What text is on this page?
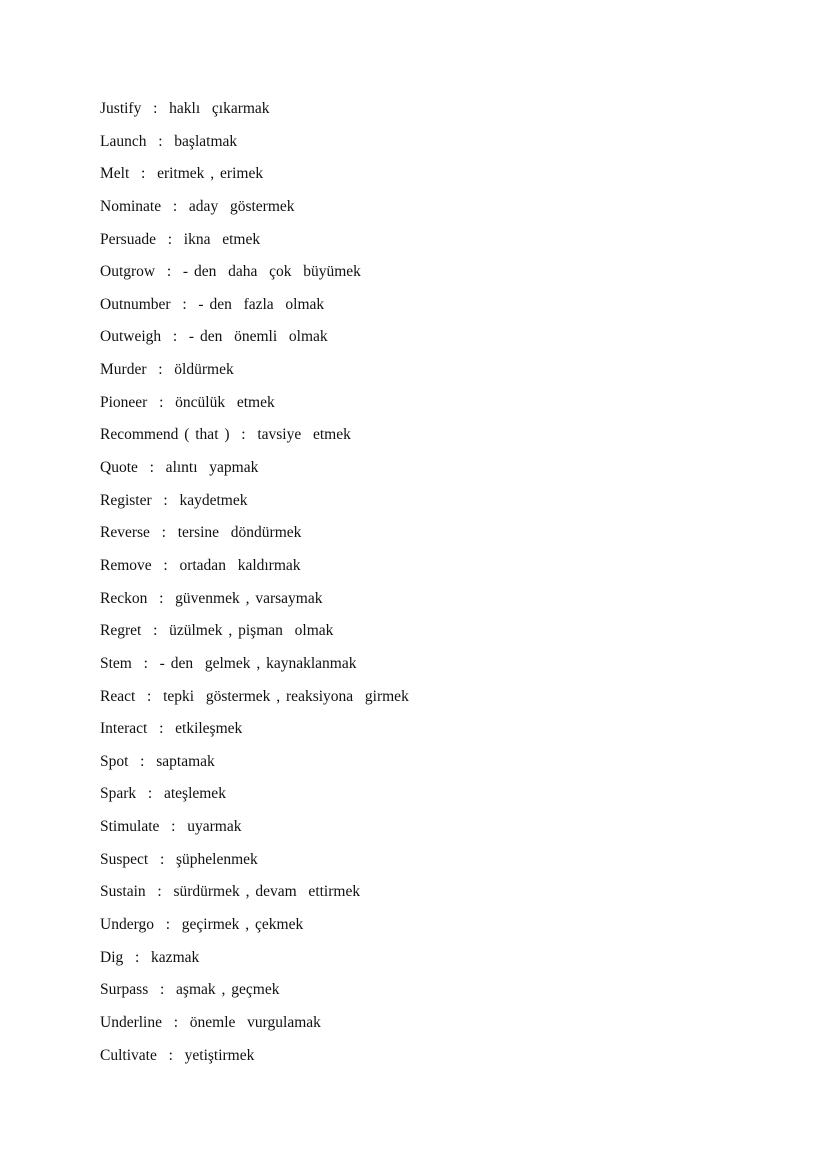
Justify  :  haklı  çıkarmak
Launch  :  başlatmak
Melt  :  eritmek , erimek
Nominate  :  aday  göstermek
Persuade  :  ikna  etmek
Outgrow  :  - den  daha  çok  büyümek
Outnumber  :  - den  fazla  olmak
Outweigh  :  - den  önemli  olmak
Murder  :  öldürmek
Pioneer  :  öncülük  etmek
Recommend ( that )  :  tavsiye  etmek
Quote  :  alıntı  yapmak
Register  :  kaydetmek
Reverse  :  tersine  döndürmek
Remove  :  ortadan  kaldırmak
Reckon  :  güvenmek , varsaymak
Regret  :  üzülmek , pişman  olmak
Stem  :  - den  gelmek , kaynaklanmak
React  :  tepki  göstermek , reaksiyona  girmek
Interact  :  etkileşmek
Spot  :  saptamak
Spark  :  ateşlemek
Stimulate  :  uyarmak
Suspect  :  şüphelenmek
Sustain  :  sürdürmek , devam  ettirmek
Undergo  :  geçirmek , çekmek
Dig  :  kazmak
Surpass  :  aşmak , geçmek
Underline  :  önemle  vurgulamak
Cultivate  :  yetiştirmek
